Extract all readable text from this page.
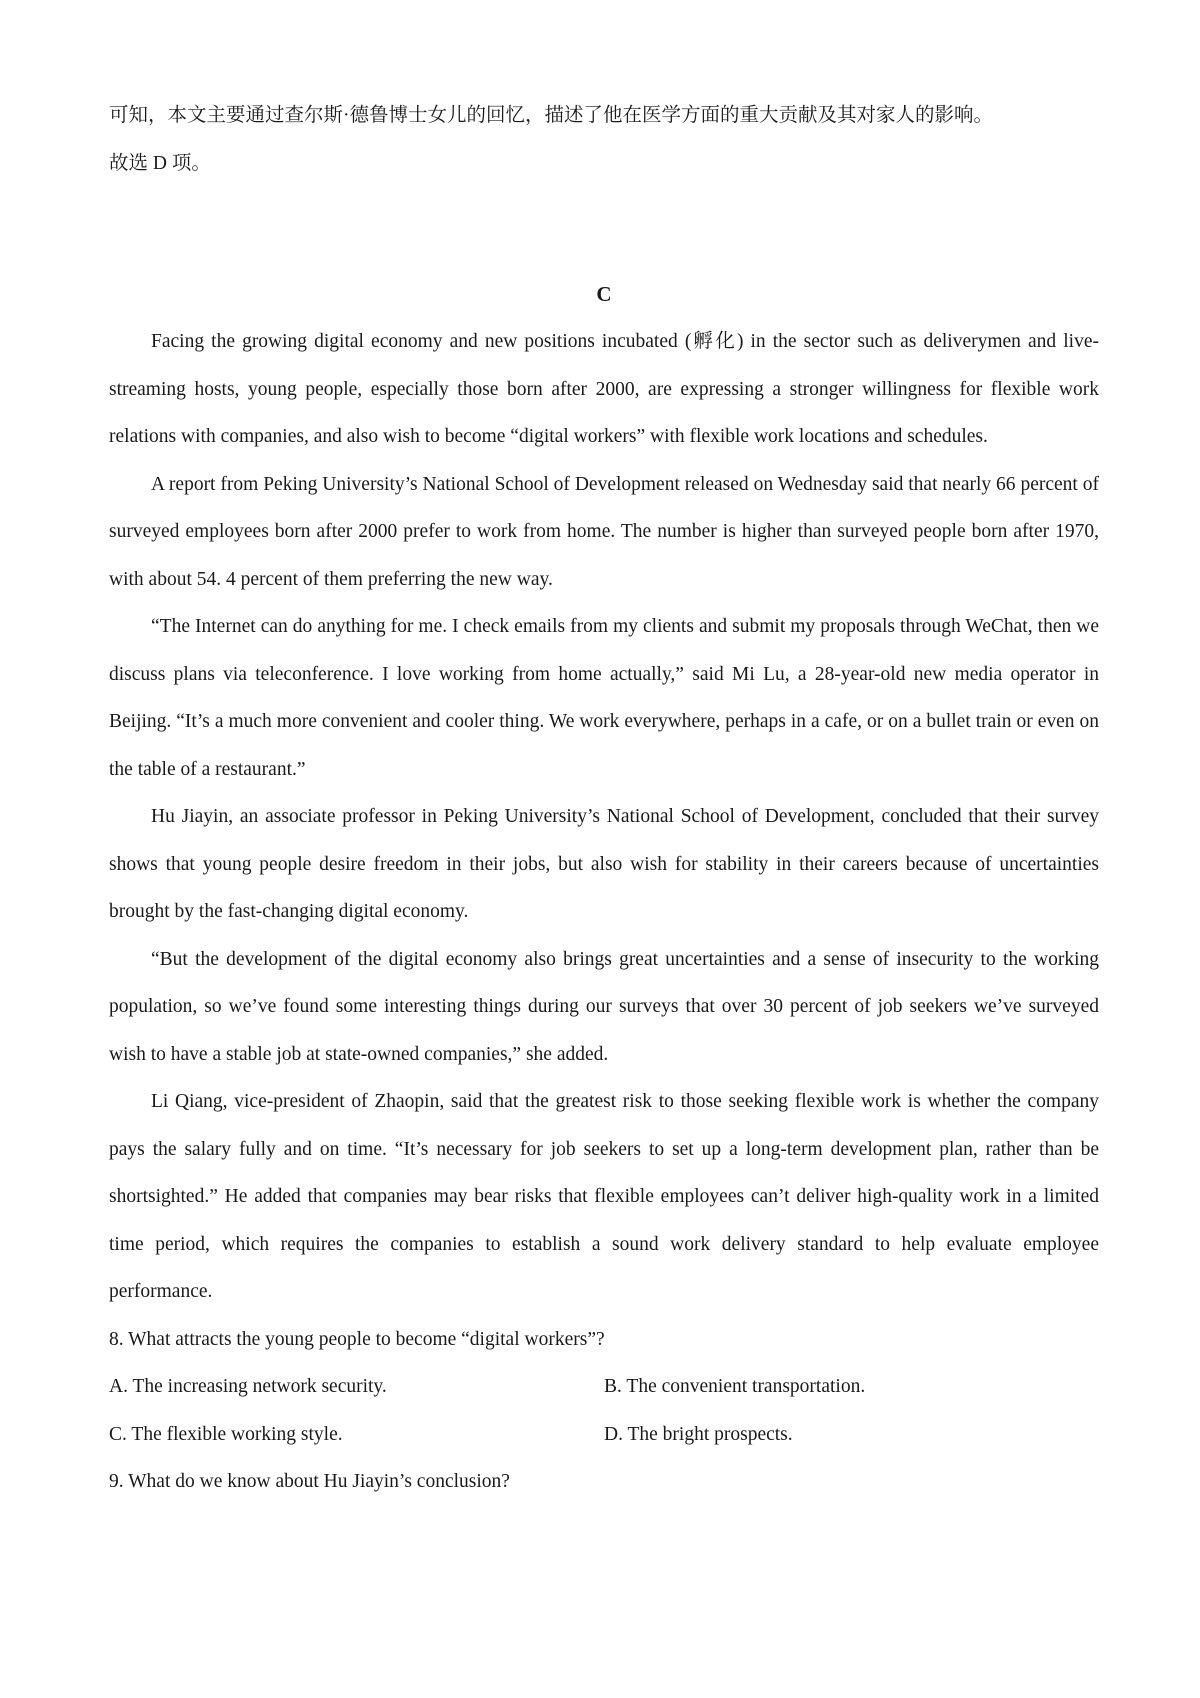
可知，本文主要通过查尔斯·德鲁博士女儿的回忆，描述了他在医学方面的重大贡献及其对家人的影响。

故选 D 项。

C

Facing the growing digital economy and new positions incubated (孵化) in the sector such as deliverymen and live-streaming hosts, young people, especially those born after 2000, are expressing a stronger willingness for flexible work relations with companies, and also wish to become “digital workers” with flexible work locations and schedules.

A report from Peking University’s National School of Development released on Wednesday said that nearly 66 percent of surveyed employees born after 2000 prefer to work from home. The number is higher than surveyed people born after 1970, with about 54. 4 percent of them preferring the new way.

“The Internet can do anything for me. I check emails from my clients and submit my proposals through WeChat, then we discuss plans via teleconference. I love working from home actually,” said Mi Lu, a 28-year-old new media operator in Beijing. “It’s a much more convenient and cooler thing. We work everywhere, perhaps in a cafe, or on a bullet train or even on the table of a restaurant.”

Hu Jiayin, an associate professor in Peking University’s National School of Development, concluded that their survey shows that young people desire freedom in their jobs, but also wish for stability in their careers because of uncertainties brought by the fast-changing digital economy.

“But the development of the digital economy also brings great uncertainties and a sense of insecurity to the working population, so we’ve found some interesting things during our surveys that over 30 percent of job seekers we’ve surveyed wish to have a stable job at state-owned companies,” she added.

Li Qiang, vice-president of Zhaopin, said that the greatest risk to those seeking flexible work is whether the company pays the salary fully and on time. “It’s necessary for job seekers to set up a long-term development plan, rather than be shortsighted.” He added that companies may bear risks that flexible employees can’t deliver high-quality work in a limited time period, which requires the companies to establish a sound work delivery standard to help evaluate employee performance.

8. What attracts the young people to become “digital workers”?

A. The increasing network security.	B. The convenient transportation.
C. The flexible working style.	D. The bright prospects.

9. What do we know about Hu Jiayin’s conclusion?
